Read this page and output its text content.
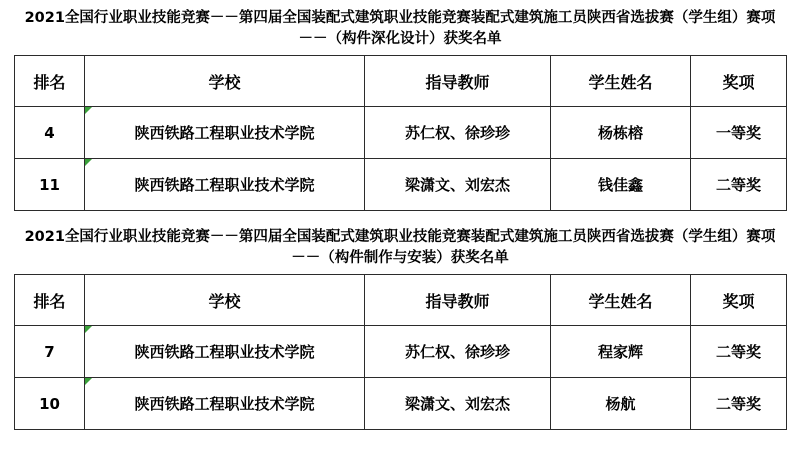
2021全国行业职业技能竞赛－－第四届全国装配式建筑职业技能竞赛装配式建筑施工员陕西省选拔赛（学生组）赛项－－（构件深化设计）获奖名单
排名	学校	指导教师	学生姓名	奖项
4	陕西铁路工程职业技术学院	苏仁权、徐珍珍	杨栋榕	一等奖
11	陕西铁路工程职业技术学院	梁潇文、刘宏杰	钱佳鑫	二等奖
2021全国行业职业技能竞赛－－第四届全国装配式建筑职业技能竞赛装配式建筑施工员陕西省选拔赛（学生组）赛项－－（构件制作与安装）获奖名单
排名	学校	指导教师	学生姓名	奖项
7	陕西铁路工程职业技术学院	苏仁权、徐珍珍	程家辉	二等奖
10	陕西铁路工程职业技术学院	梁潇文、刘宏杰	杨航	二等奖
